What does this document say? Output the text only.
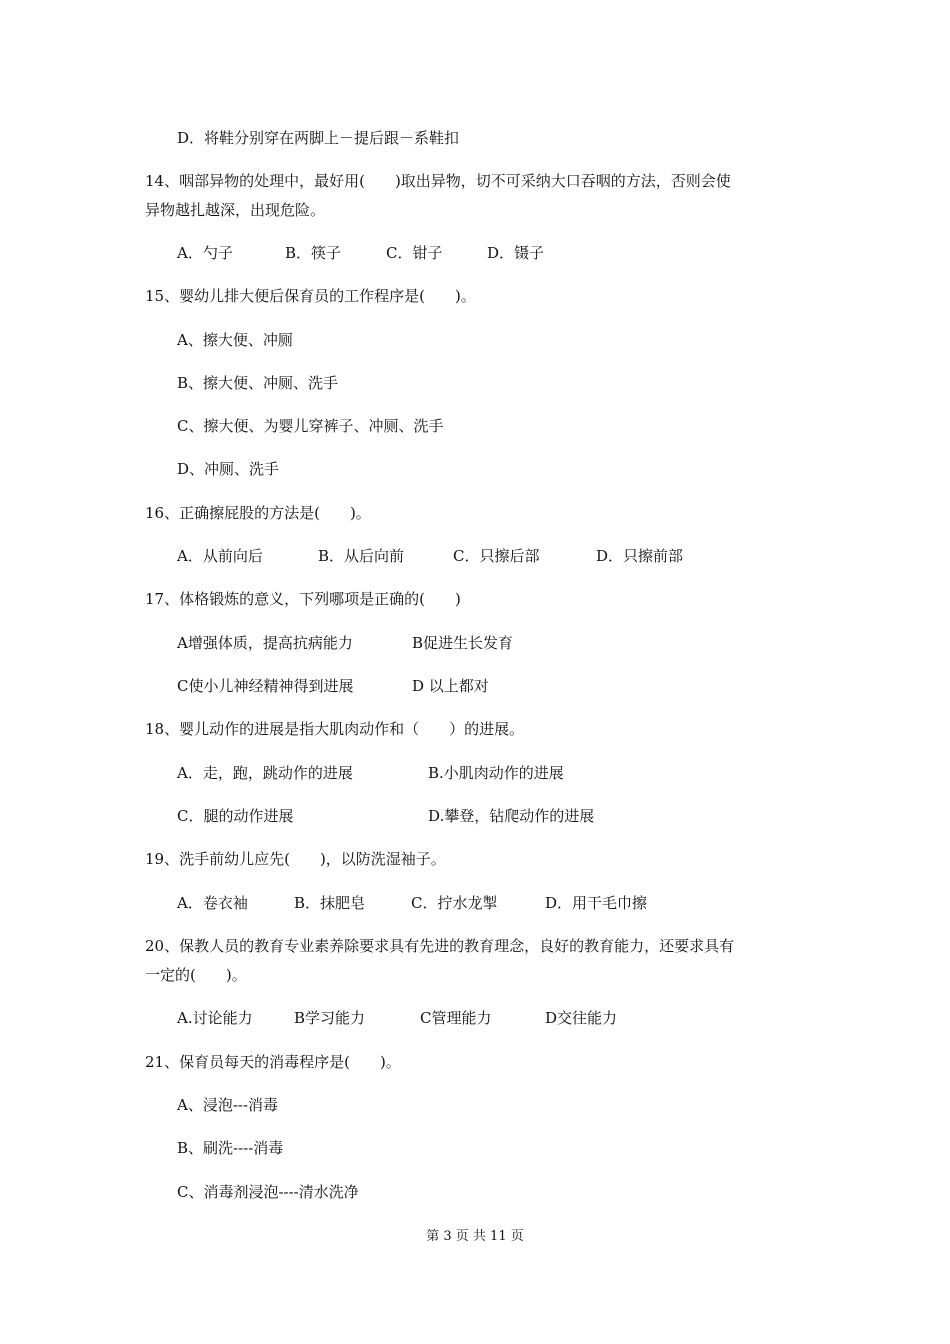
D．将鞋分别穿在两脚上－提后跟－系鞋扣
14、咽部异物的处理中，最好用(　　)取出异物，切不可采纳大口吞咽的方法，否则会使
异物越扎越深，出现危险。
A．勺子	B．筷子	C．钳子	D．镊子
15、婴幼儿排大便后保育员的工作程序是(　　)。
A、擦大便、冲厕
B、擦大便、冲厕、洗手
C、擦大便、为婴儿穿裤子、冲厕、洗手
D、冲厕、洗手
16、正确擦屁股的方法是(　　)。
A．从前向后	B．从后向前	C．只擦后部	D．只擦前部
17、体格锻炼的意义，下列哪项是正确的(　　)
A增强体质，提高抗病能力	B促进生长发育
C使小儿神经精神得到进展	D 以上都对
18、婴儿动作的进展是指大肌肉动作和（　　）的进展。
A．走，跑，跳动作的进展	B.小肌肉动作的进展
C．腿的动作进展	D.攀登，钻爬动作的进展
19、洗手前幼儿应先(　　)，以防洗湿袖子。
A．卷衣袖	B．抹肥皂	C．拧水龙掣	D．用干毛巾擦
20、保教人员的教育专业素养除要求具有先进的教育理念，良好的教育能力，还要求具有
一定的(　　)。
A.讨论能力	B学习能力	C管理能力	D交往能力
21、保育员每天的消毒程序是(　　)。
A、浸泡---消毒
B、刷洗----消毒
C、消毒剂浸泡----清水洗净
第 3 页 共 11 页
